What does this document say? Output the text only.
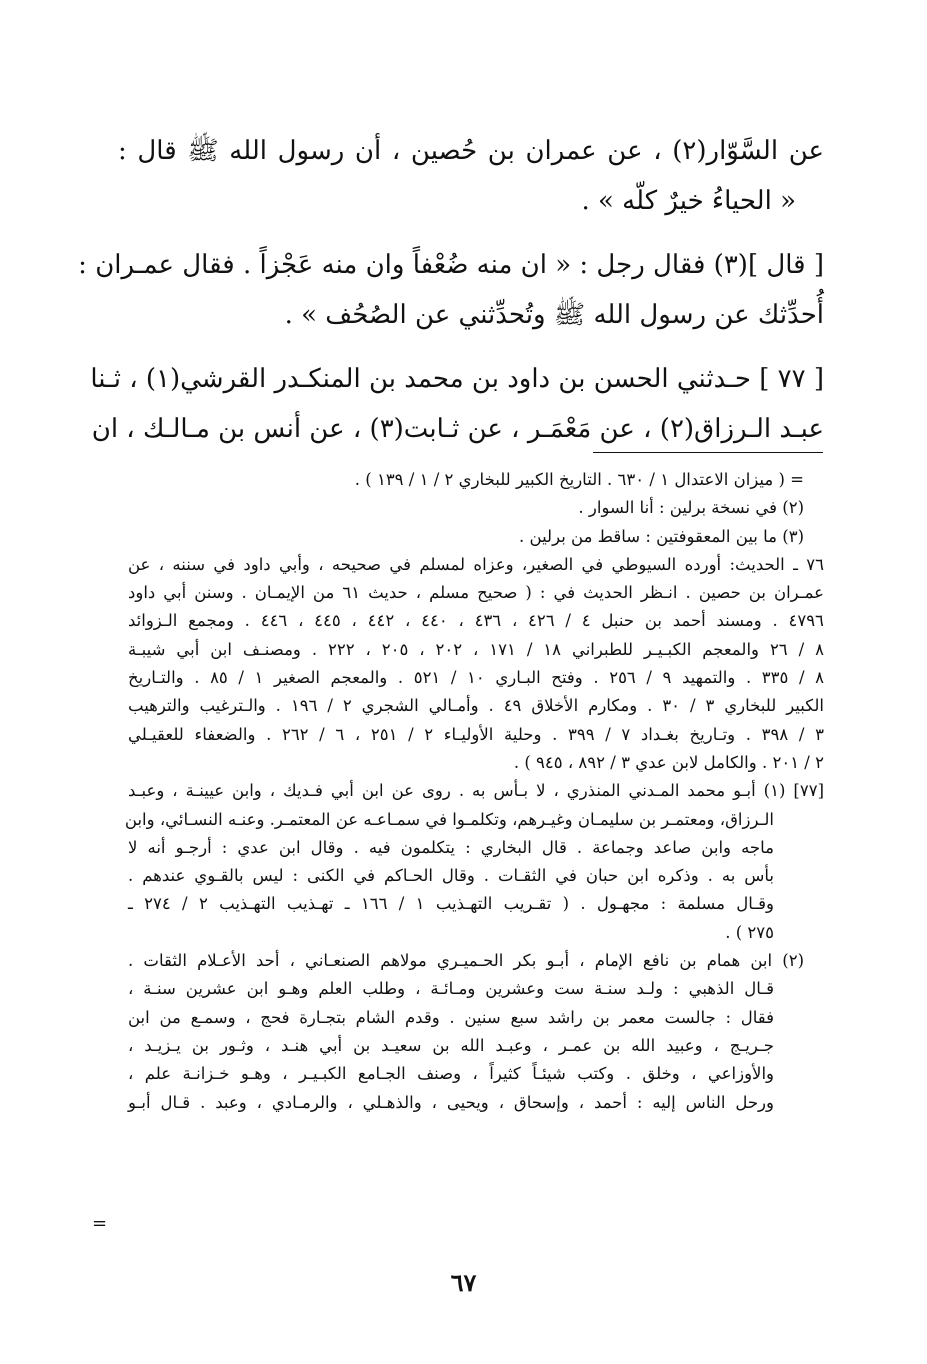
عن السَّوّار(٢) ، عن عمران بن حُصين ، أن رسول الله ﷺ قال :
« الحياءُ خيرٌ كلّه » .
[ قال ](٣) فقال رجل : « ان منه ضُعْفاً وان منه عَجْزاً . فقال عمـران :
أُحدِّثك عن رسول الله ﷺ وتُحدِّثني عن الصُحُف » .
[ ٧٧ ] حـدثني الحسن بن داود بن محمد بن المنكـدر القرشي(١) ، ثـنا
عبـد الـرزاق(٢) ، عن مَعْمَـر ، عن ثـابت(٣) ، عن أنس بن مـالـك ، ان
= ( ميزان الاعتدال ١ / ٦٣٠ . التاريخ الكبير للبخاري ٢ / ١ / ١٣٩ ) .
(٢) في نسخة برلين : أنا السوار .
(٣) ما بين المعقوفتين : ساقط من برلين .
٧٦ ـ الحديث: أورده السيوطي في الصغير، وعزاه لمسلم في صحيحه ، وأبي داود في سننه ، عن
عمـران بن حصين . انـظر الحديث في : ( صحيح مسلم ، حديث ٦١ من الإيمـان . وسنن أبي داود
٤٧٩٦ . ومسند أحمد بن حنبل ٤ / ٤٢٦ ، ٤٣٦ ، ٤٤٠ ، ٤٤٢ ، ٤٤٥ ، ٤٤٦ . ومجمع الـزوائد
٨ / ٢٦ والمعجم الكبـيـر للطبراني ١٨ / ١٧١ ، ٢٠٢ ، ٢٠٥ ، ٢٢٢ . ومصنـف ابن أبي شيبـة
٨ / ٣٣٥ . والتمهيد ٩ / ٢٥٦ . وفتح البـاري ١٠ / ٥٢١ . والمعجم الصغير ١ / ٨٥ . والتـاريخ
الكبير للبخاري ٣ / ٣٠ . ومكارم الأخلاق ٤٩ . وأمـالي الشجري ٢ / ١٩٦ . والـترغيب والترهيب
٣ / ٣٩٨ . وتـاريخ بغـداد ٧ / ٣٩٩ . وحلية الأوليـاء ٢ / ٢٥١ ، ٦ / ٢٦٢ . والضعفاء للعقيـلي
٢ / ٢٠١ . والكامل لابن عدي ٣ / ٨٩٢ ، ٩٤٥ ) .
[٧٧] (١) أبـو محمد المـدني المنذري ، لا بـأس به . روى عن ابن أبي فـديك ، وابن عيينـة ، وعبـد
الـرزاق، ومعتمـر بن سليمـان وغيـرهم، وتكلمـوا في سمـاعـه عن المعتمـر. وعنـه النسـائي، وابن
ماجه وابن صاعد وجماعة . قال البخاري : يتكلمون فيه . وقال ابن عدي : أرجـو أنه لا
بأس به . وذكره ابن حبان في الثقـات . وقال الحـاكم في الكنى : ليس بالقـوي عندهم .
وقـال مسلمة : مجهـول . ( تقـريب التهـذيب ١ / ١٦٦ ـ تهـذيب التهـذيب ٢ / ٢٧٤ ـ
٢٧٥ ) .
(٢) ابن همام بن نافع الإمام ، أبـو بكر الحـميـري مولاهم الصنعـاني ، أحد الأعـلام الثقات .
قـال الذهبي : ولـد سنـة ست وعشرين ومـائـة ، وطلب العلم وهـو ابن عشرين سنـة ،
فقال : جالست معمر بن راشد سبع سنين . وقدم الشام بتجـارة فحج ، وسمـع من ابن
جـريـج ، وعبيد الله بن عمـر ، وعبـد الله بن سعيـد بن أبي هنـد ، وثـور بن يـزيـد ،
والأوزاعي ، وخلق . وكتب شيئـاً كثيراً ، وصنف الجـامع الكبـيـر ، وهـو خـزانـة علم ،
ورحل الناس إليه : أحمد ، وإسحاق ، ويحيى ، والذهـلي ، والرمـادي ، وعبد . قـال أبـو
=
٦٧
